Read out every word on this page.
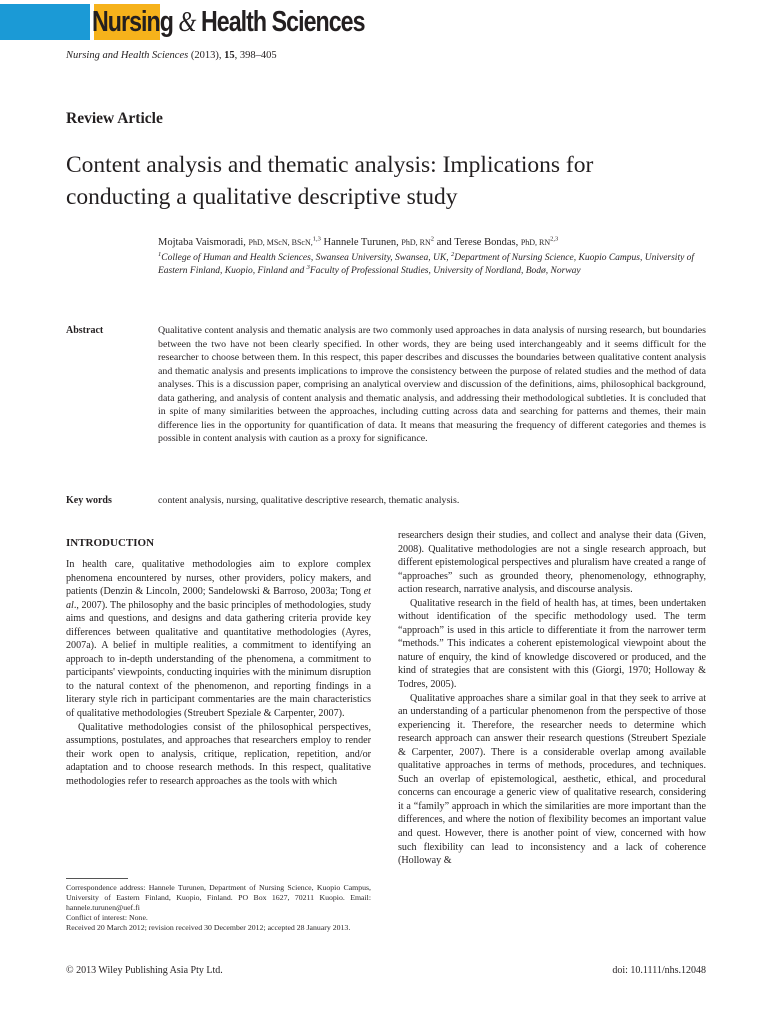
Nursing & Health Sciences
Nursing and Health Sciences (2013), 15, 398–405
Review Article
Content analysis and thematic analysis: Implications for
conducting a qualitative descriptive study
Mojtaba Vaismoradi, PhD, MScN, BScN,$^{1,3}$ Hannele Turunen, PhD, $RN^2$ and Terese Bondas, PhD, RN$^{2,3}$
$^1$College of Human and Health Sciences, Swansea University, Swansea, UK, $^2$Department of Nursing Science, Kuopio Campus, University of Eastern Finland, Kuopio, Finland and $^3$Faculty of Professional Studies, University of Nordland, Bodø, Norway
Abstract	Qualitative content analysis and thematic analysis are two commonly used approaches in data analysis of nursing research, but boundaries between the two have not been clearly specified. In other words, they are being used interchangeably and it seems difficult for the researcher to choose between them. In this respect, this paper describes and discusses the boundaries between qualitative content analysis and thematic analysis and presents implications to improve the consistency between the purpose of related studies and the method of data analyses. This is a discussion paper, comprising an analytical overview and discussion of the definitions, aims, philosophical background, data gathering, and analysis of content analysis and thematic analysis, and addressing their methodological subtleties. It is concluded that in spite of many similarities between the approaches, including cutting across data and searching for patterns and themes, their main difference lies in the opportunity for quantification of data. It means that measuring the frequency of different categories and themes is possible in content analysis with caution as a proxy for significance.

Key words	content analysis, nursing, qualitative descriptive research, thematic analysis.
INTRODUCTION

In health care, qualitative methodologies aim to explore complex phenomena encountered by nurses, other providers, policy makers, and patients (Denzin & Lincoln, 2000; Sandelowski & Barroso, 2003a; Tong et al., 2007). The philosophy and the basic principles of methodologies, study aims and questions, and designs and data gathering criteria provide key differences between qualitative and quantitative methodologies (Ayres, 2007a). A belief in multiple realities, a commitment to identifying an approach to in-depth understanding of the phenomena, a commitment to participants' viewpoints, conducting inquiries with the minimum disruption to the natural context of the phenomenon, and reporting findings in a literary style rich in participant commentaries are the main characteristics of qualitative methodologies (Streubert Speziale & Carpenter, 2007).

Qualitative methodologies consist of the philosophical perspectives, assumptions, postulates, and approaches that researchers employ to render their work open to analysis, critique, replication, repetition, and/or adaptation and to choose research methods. In this respect, qualitative methodologies refer to research approaches as the tools with which

researchers design their studies, and collect and analyse their data (Given, 2008). Qualitative methodologies are not a single research approach, but different epistemological perspectives and pluralism have created a range of “approaches” such as grounded theory, phenomenology, ethnography, action research, narrative analysis, and discourse analysis.

Qualitative research in the field of health has, at times, been undertaken without identification of the specific methodology used. The term “approach” is used in this article to differentiate it from the narrower term “methods.” This indicates a coherent epistemological viewpoint about the nature of enquiry, the kind of knowledge discovered or produced, and the kind of strategies that are consistent with this (Giorgi, 1970; Holloway & Todres, 2005).

Qualitative approaches share a similar goal in that they seek to arrive at an understanding of a particular phenomenon from the perspective of those experiencing it. Therefore, the researcher needs to determine which research approach can answer their research questions (Streubert Speziale & Carpenter, 2007). There is a considerable overlap among available qualitative approaches in terms of methods, procedures, and techniques. Such an overlap of epistemological, aesthetic, ethical, and procedural concerns can encourage a generic view of qualitative research, considering it a “family” approach in which the similarities are more important than the differences, and where the notion of flexibility becomes an important value and quest. However, there is another point of view, concerned with how such flexibility can lead to inconsistency and a lack of coherence (Holloway &

Correspondence address: Hannele Turunen, Department of Nursing Science, Kuopio Campus, University of Eastern Finland, Kuopio, Finland. PO Box 1627, 70211 Kuopio. Email: hannele.turunen@uef.fi
Conflict of interest: None.
Received 20 March 2012; revision received 30 December 2012; accepted 28 January 2013.
© 2013 Wiley Publishing Asia Pty Ltd.	doi: 10.1111/nhs.12048
